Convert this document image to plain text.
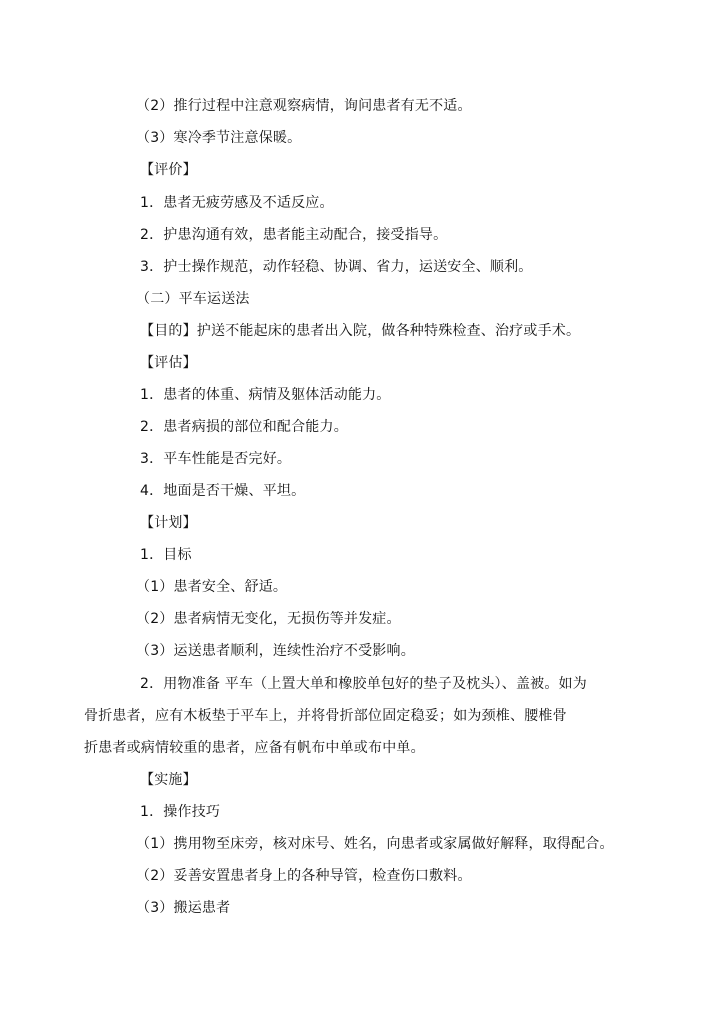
（2）推行过程中注意观察病情，询问患者有无不适。
（3）寒冷季节注意保暖。
【评价】
1．患者无疲劳感及不适反应。
2．护患沟通有效，患者能主动配合，接受指导。
3．护士操作规范，动作轻稳、协调、省力，运送安全、顺利。
（二）平车运送法
【目的】护送不能起床的患者出入院，做各种特殊检查、治疗或手术。
【评估】
1．患者的体重、病情及躯体活动能力。
2．患者病损的部位和配合能力。
3．平车性能是否完好。
4．地面是否干燥、平坦。
【计划】
1．目标
（1）患者安全、舒适。
（2）患者病情无变化，无损伤等并发症。
（3）运送患者顺利，连续性治疗不受影响。
2．用物准备 平车（上置大单和橡胶单包好的垫子及枕头）、盖被。如为
骨折患者，应有木板垫于平车上，并将骨折部位固定稳妥；如为颈椎、腰椎骨
折患者或病情较重的患者，应备有帆布中单或布中单。
【实施】
1．操作技巧
（1）携用物至床旁，核对床号、姓名，向患者或家属做好解释，取得配合。
（2）妥善安置患者身上的各种导管，检查伤口敷料。
（3）搬运患者
